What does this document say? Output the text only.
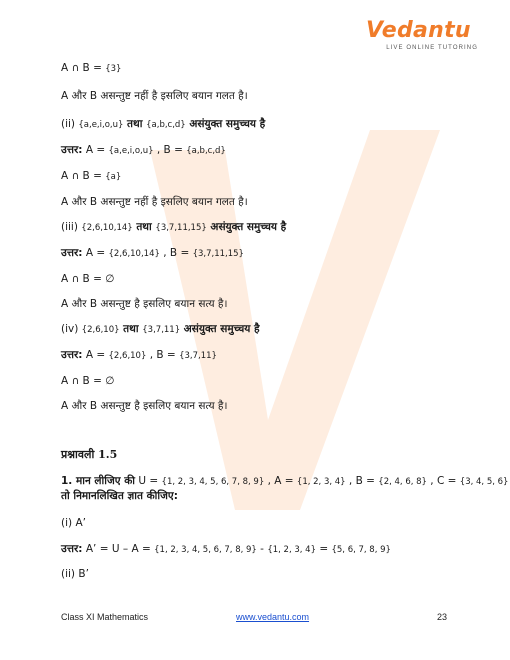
Vedantu
LIVE ONLINE TUTORING
A ∩ B = {3}
A और B असन्तुष्ट नहीं है इसलिए बयान गलत है।
(ii) {a,e,i,o,u} तथा {a,b,c,d} असंयुक्त समुच्चय है
उत्तर: A = {a,e,i,o,u} , B = {a,b,c,d}
A ∩ B = {a}
A और B असन्तुष्ट नहीं है इसलिए बयान गलत है।
(iii) {2,6,10,14} तथा {3,7,11,15} असंयुक्त समुच्चय है
उत्तर: A = {2,6,10,14} , B = {3,7,11,15}
A ∩ B = ∅
A और B असन्तुष्ट है इसलिए बयान सत्य है।
(iv) {2,6,10} तथा {3,7,11} असंयुक्त समुच्चय है
उत्तर: A = {2,6,10} , B = {3,7,11}
A ∩ B = ∅
A और B असन्तुष्ट है इसलिए बयान सत्य है।
प्रश्नावली 1.5
1. मान लीजिए की U = {1, 2, 3, 4, 5, 6, 7, 8, 9} , A = {1, 2, 3, 4} , B = {2, 4, 6, 8} , C = {3, 4, 5, 6}
तो निमानलिखित ज्ञात कीजिए:
(i) A’
उत्तर: A’ = U – A = {1, 2, 3, 4, 5, 6, 7, 8, 9} - {1, 2, 3, 4} = {5, 6, 7, 8, 9}
(ii) B’
Class XI Mathematics	www.vedantu.com	23
